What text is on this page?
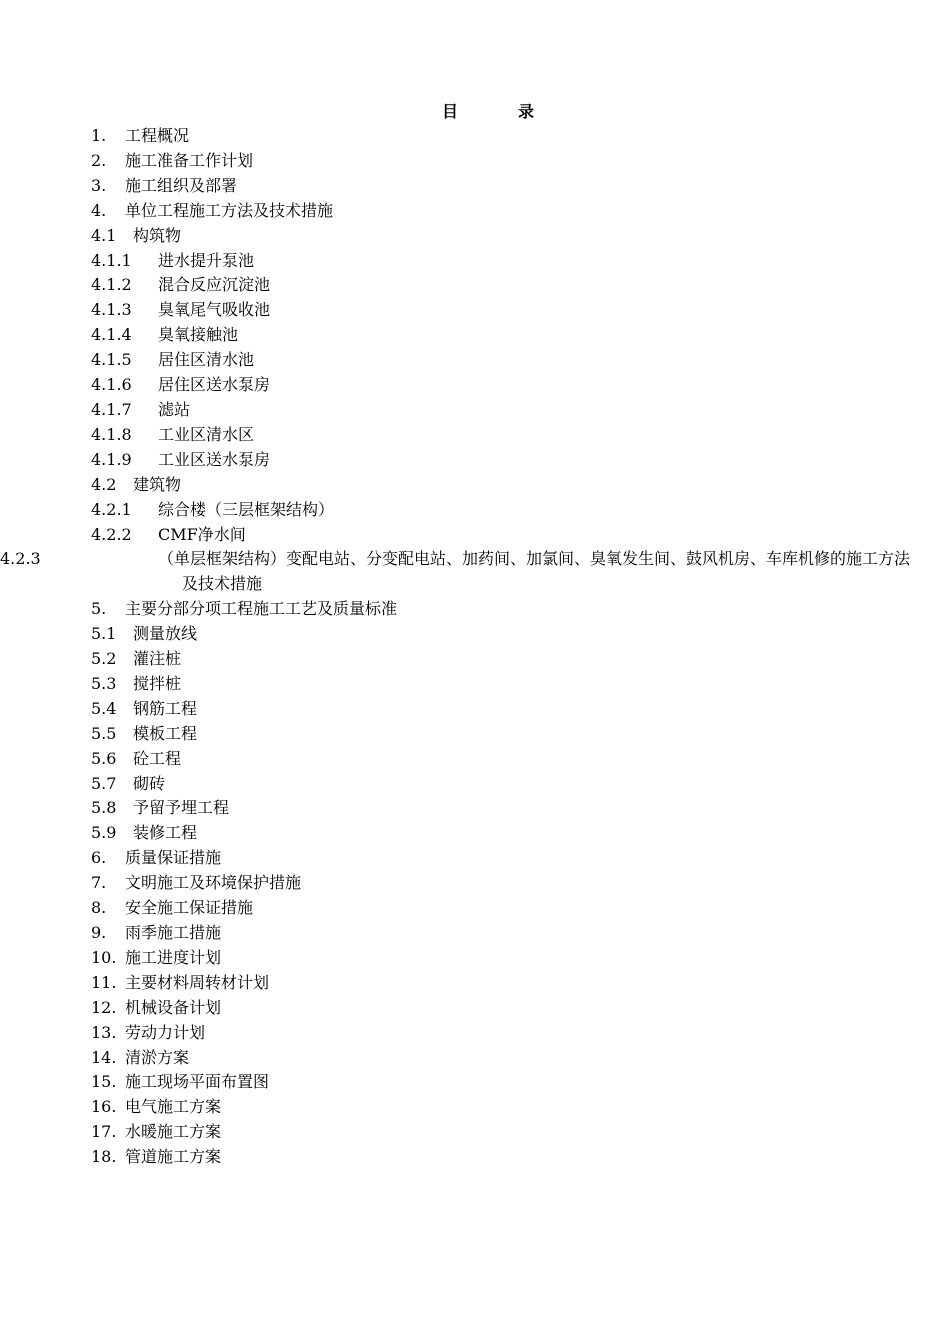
目　录
1. 工程概况
2. 施工准备工作计划
3. 施工组织及部署
4. 单位工程施工方法及技术措施
4.1 构筑物
4.1.1 进水提升泵池
4.1.2 混合反应沉淀池
4.1.3 臭氧尾气吸收池
4.1.4 臭氧接触池
4.1.5 居住区清水池
4.1.6 居住区送水泵房
4.1.7 滤站
4.1.8 工业区清水区
4.1.9 工业区送水泵房
4.2 建筑物
4.2.1 综合楼（三层框架结构）
4.2.2 CMF净水间
4.2.3	（单层框架结构）变配电站、分变配电站、加药间、加氯间、臭氧发生间、鼓风机房、车库机修的施工方法及技术措施
5. 主要分部分项工程施工工艺及质量标准
5.1 测量放线
5.2 灌注桩
5.3 搅拌桩
5.4 钢筋工程
5.5 模板工程
5.6 砼工程
5.7 砌砖
5.8 予留予埋工程
5.9 装修工程
6. 质量保证措施
7. 文明施工及环境保护措施
8. 安全施工保证措施
9. 雨季施工措施
10. 施工进度计划
11. 主要材料周转材计划
12. 机械设备计划
13. 劳动力计划
14. 清淤方案
15. 施工现场平面布置图
16. 电气施工方案
17. 水暖施工方案
18. 管道施工方案
